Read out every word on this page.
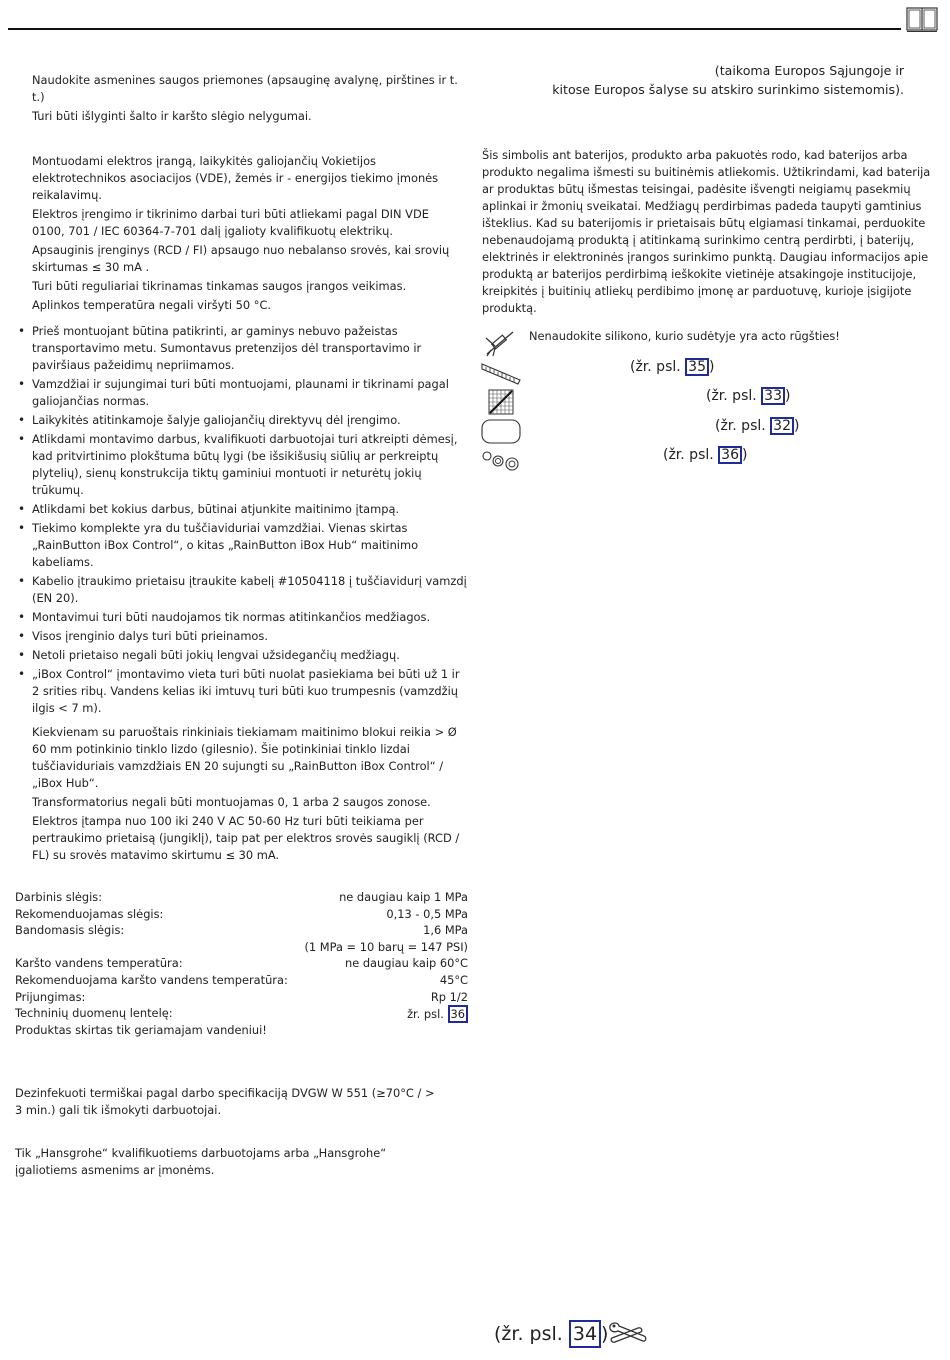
Naudokite asmenines saugos priemones (apsauginę avalynę, pirštines ir t. t.)

Turi būti išlyginti šalto ir karšto slėgio nelygumai.

Montuodami elektros įrangą, laikykitės galiojančių Vokietijos elektrotechnikos asociacijos (VDE), žemės ir - energijos tiekimo įmonės reikalavimų.

Elektros įrengimo ir tikrinimo darbai turi būti atliekami pagal DIN VDE 0100, 701 / IEC 60364-7-701 dalį įgalioty kvalifikuotų elektrikų.

Apsauginis įrenginys (RCD / FI) apsaugo nuo nebalanso srovės, kai srovių skirtumas ≤ 30 mA .

Turi būti reguliariai tikrinamas tinkamas saugos įrangos veikimas.

Aplinkos temperatūra negali viršyti 50 °C.

• Prieš montuojant būtina patikrinti, ar gaminys nebuvo pažeistas transportavimo metu. Sumontavus pretenzijos dėl transportavimo ir paviršiaus pažeidimų nepriimamos.
• Vamzdžiai ir sujungimai turi būti montuojami, plaunami ir tikrinami pagal galiojančias normas.
• Laikykitės atitinkamoje šalyje galiojančių direktyvų dėl įrengimo.
• Atlikdami montavimo darbus, kvalifikuoti darbuotojai turi atkreipti dėmesį, kad pritvirtinimo plokštuma būtų lygi (be išsikišusių siūlių ar perkreiptų plytelių), sienų konstrukcija tiktų gaminiui montuoti ir neturėtų jokių trūkumų.
• Atlikdami bet kokius darbus, būtinai atjunkite maitinimo įtampą.
• Tiekimo komplekte yra du tuščiaviduriai vamzdžiai. Vienas skirtas „RainButton iBox Control“, o kitas „RainButton iBox Hub“ maitinimo kabeliams.
• Kabelio įtraukimo prietaisu įtraukite kabelį #10504118 į tuščiavidurį vamzdį (EN 20).
• Montavimui turi būti naudojamos tik normas atitinkančios medžiagos.
• Visos įrenginio dalys turi būti prieinamos.
• Netoli prietaiso negali būti jokių lengvai užsidegančių medžiagų.
• „iBox Control“ įmontavimo vieta turi būti nuolat pasiekiama bei būti už 1 ir 2 srities ribų. Vandens kelias iki imtuvų turi būti kuo trumpesnis (vamzdžių ilgis < 7 m).

Kiekvienam su paruoštais rinkiniais tiekiamam maitinimo blokui reikia > Ø 60 mm potinkinio tinklo lizdo (gilesnio). Šie potinkiniai tinklo lizdai tuščiaviduriais vamzdžiais EN 20 sujungti su „RainButton iBox Control“ / „iBox Hub“.

Transformatorius negali būti montuojamas 0, 1 arba 2 saugos zonose.

Elektros įtampa nuo 100 iki 240 V AC 50-60 Hz turi būti teikiama per pertraukimo prietaisą (jungiklį), taip pat per elektros srovės saugiklį (RCD / FL) su srovės matavimo skirtumu ≤ 30 mA.

Darbinis slėgis:	ne daugiau kaip 1 MPa
Rekomenduojamas slėgis:	0,13 - 0,5 MPa
Bandomasis slėgis:	1,6 MPa
(1 MPa = 10 barų = 147 PSI)
Karšto vandens temperatūra:	ne daugiau kaip 60°C
Rekomenduojama karšto vandens temperatūra:	45°C
Prijungimas:	Rp 1/2
Techninių duomenų lentelę:	žr. psl. 36
Produktas skirtas tik geriamajam vandeniui!
Dezinfekuoti termiškai pagal darbo specifikaciją DVGW W 551 (≥70°C / > 3 min.) gali tik išmokyti darbuotojai.
Tik „Hansgrohe“ kvalifikuotiems darbuotojams arba „Hansgrohe“ įgaliotiems asmenims ar įmonėms.
(žr. psl. 34 )
(taikoma Europos Sąjungoje ir
kitose Europos šalyse su atskiro surinkimo sistemomis).
Šis simbolis ant baterijos, produkto arba pakuotės rodo, kad baterijos arba produkto negalima išmesti su buitinėmis atliekomis. Užtikrindami, kad baterija ar produktas būtų išmestas teisingai, padėsite išvengti neigiamų pasekmių aplinkai ir žmonių sveikatai. Medžiagų perdirbimas padeda taupyti gamtinius išteklius. Kad su baterijomis ir prietaisais būtų elgiamasi tinkamai, perduokite nebenaudojamą produktą į atitinkamą surinkimo centrą perdirbti, į baterijų, elektrinės ir elektroninės įrangos surinkimo punktą. Daugiau informacijos apie produktą ar baterijos perdirbimą ieškokite vietinėje atsakingoje institucijoje, kreipkitės į buitinių atliekų perdibimo įmonę ar parduotuvę, kurioje įsigijote produktą.
Nenaudokite silikono, kurio sudėtyje yra acto rūgšties!
(žr. psl. 35 )
(žr. psl. 33 )
(žr. psl. 32 )
(žr. psl. 36 )
